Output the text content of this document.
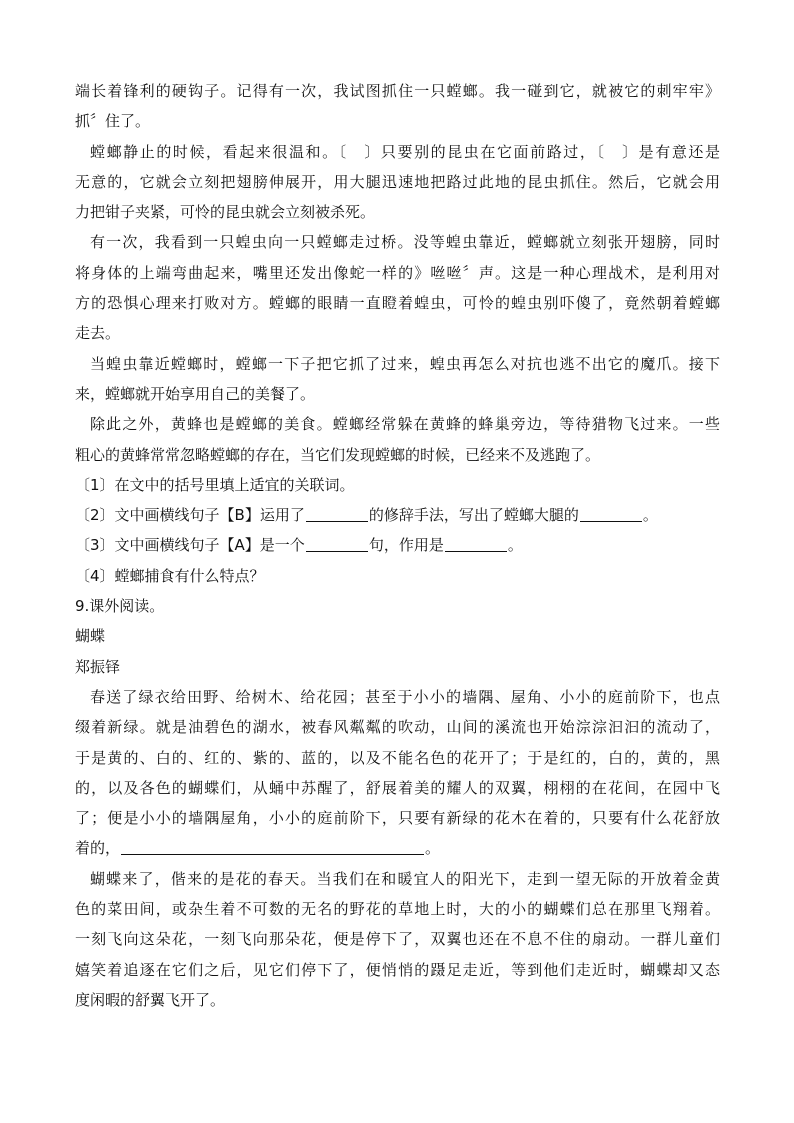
端长着锋利的硬钩子。记得有一次，我试图抓住一只螳螂。我一碰到它，就被它的刺牢牢》
抓〞住了。
螳螂静止的时候，看起来很温和。〔　〕只要别的昆虫在它面前路过，〔　〕是有意还是
无意的，它就会立刻把翅膀伸展开，用大腿迅速地把路过此地的昆虫抓住。然后，它就会用
力把钳子夹紧，可怜的昆虫就会立刻被杀死。
有一次，我看到一只蝗虫向一只螳螂走过桥。没等蝗虫靠近，螳螂就立刻张开翅膀，同时
将身体的上端弯曲起来，嘴里还发出像蛇一样的》咝咝〞声。这是一种心理战术，是利用对
方的恐惧心理来打败对方。螳螂的眼睛一直瞪着蝗虫，可怜的蝗虫别吓傻了，竟然朝着螳螂
走去。
当蝗虫靠近螳螂时，螳螂一下子把它抓了过来，蝗虫再怎么对抗也逃不出它的魔爪。接下
来，螳螂就开始享用自己的美餐了。
除此之外，黄蜂也是螳螂的美食。螳螂经常躲在黄蜂的蜂巢旁边，等待猎物飞过来。一些
粗心的黄蜂常常忽略螳螂的存在，当它们发现螳螂的时候，已经来不及逃跑了。
〔1〕在文中的括号里填上适宜的关联词。
〔2〕文中画横线句子【B】运用了	的修辞手法，写出了螳螂大腿的	。
〔3〕文中画横线句子【A】是一个	句，作用是	。
〔4〕螳螂捕食有什么特点？
9.课外阅读。
蝴蝶
郑振铎
春送了绿衣给田野、给树木、给花园；甚至于小小的墙隅、屋角、小小的庭前阶下，也点
缀着新绿。就是油碧色的湖水，被春风粼粼的吹动，山间的溪流也开始淙淙汩汩的流动了，
于是黄的、白的、红的、紫的、蓝的，以及不能名色的花开了；于是红的，白的，黄的，黑
的，以及各色的蝴蝶们，从蛹中苏醒了，舒展着美的耀人的双翼，栩栩的在花间，在园中飞
了；便是小小的墙隅屋角，小小的庭前阶下，只要有新绿的花木在着的，只要有什么花舒放
着的，	。
蝴蝶来了，偕来的是花的春天。当我们在和暖宜人的阳光下，走到一望无际的开放着金黄
色的菜田间，或杂生着不可数的无名的野花的草地上时，大的小的蝴蝶们总在那里飞翔着。
一刻飞向这朵花，一刻飞向那朵花，便是停下了，双翼也还在不息不住的扇动。一群儿童们
嬉笑着追逐在它们之后，见它们停下了，便悄悄的蹑足走近，等到他们走近时，蝴蝶却又态
度闲暇的舒翼飞开了。
